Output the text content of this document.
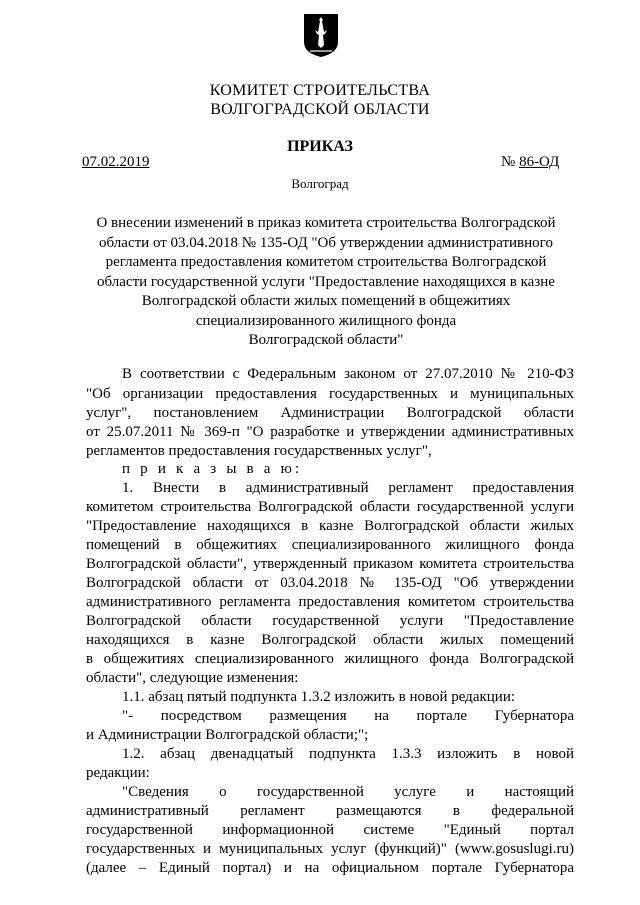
КОМИТЕТ СТРОИТЕЛЬСТВА
ВОЛГОГРАДСКОЙ ОБЛАСТИ
ПРИКАЗ
07.02.2019	№ 86-ОД
Волгоград
О внесении изменений в приказ комитета строительства Волгоградской
области от 03.04.2018 № 135-ОД "Об утверждении административного
регламента предоставления комитетом строительства Волгоградской
области государственной услуги "Предоставление находящихся в казне
Волгоградской области жилых помещений в общежитиях
специализированного жилищного фонда
Волгоградской области"
В соответствии с Федеральным законом от 27.07.2010 № 210-ФЗ
"Об организации предоставления государственных и муниципальных
услуг", постановлением Администрации Волгоградской области
от 25.07.2011 № 369-п "О разработке и утверждении административных
регламентов предоставления государственных услуг",
п р и к а з ы в а ю:
1. Внести в административный регламент предоставления
комитетом строительства Волгоградской области государственной услуги
"Предоставление находящихся в казне Волгоградской области жилых
помещений в общежитиях специализированного жилищного фонда
Волгоградской области", утвержденный приказом комитета строительства
Волгоградской области от 03.04.2018 № 135-ОД "Об утверждении
административного регламента предоставления комитетом строительства
Волгоградской области государственной услуги "Предоставление
находящихся в казне Волгоградской области жилых помещений
в общежитиях специализированного жилищного фонда Волгоградской
области", следующие изменения:
1.1. абзац пятый подпункта 1.3.2 изложить в новой редакции:
"- посредством размещения на портале Губернатора
и Администрации Волгоградской области;";
1.2. абзац двенадцатый подпункта 1.3.3 изложить в новой
редакции:
"Сведения о государственной услуге и настоящий
административный регламент размещаются в федеральной
государственной информационной системе "Единый портал
государственных и муниципальных услуг (функций)" (www.gosuslugi.ru)
(далее – Единый портал) и на официальном портале Губернатора
